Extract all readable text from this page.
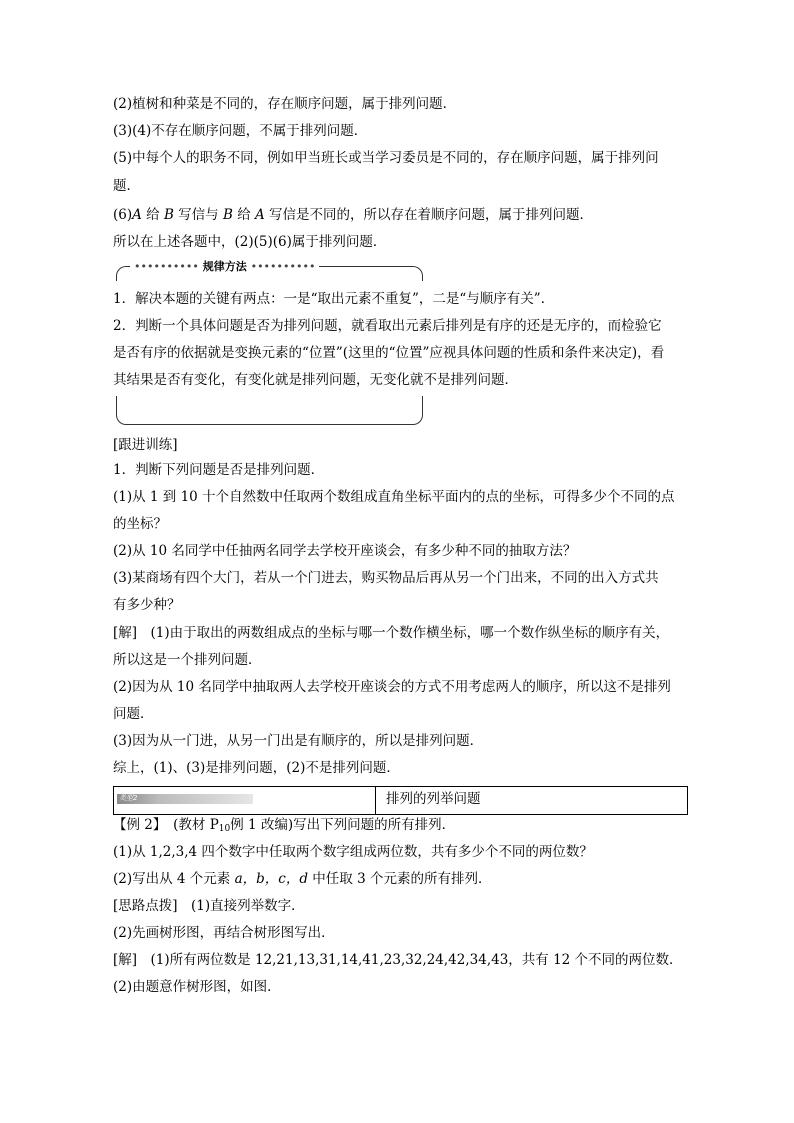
(2)植树和种菜是不同的，存在顺序问题，属于排列问题．
(3)(4)不存在顺序问题，不属于排列问题．
(5)中每个人的职务不同，例如甲当班长或当学习委员是不同的，存在顺序问题，属于排列问
题．
(6)A 给 B 写信与 B 给 A 写信是不同的，所以存在着顺序问题，属于排列问题．
所以在上述各题中，(2)(5)(6)属于排列问题．
•••••••••• 规律方法 ••••••••••
1．解决本题的关键有两点：一是“取出元素不重复”，二是“与顺序有关”．
2．判断一个具体问题是否为排列问题，就看取出元素后排列是有序的还是无序的，而检验它
是否有序的依据就是变换元素的“位置”(这里的“位置”应视具体问题的性质和条件来决定)，看
其结果是否有变化，有变化就是排列问题，无变化就不是排列问题．
[跟进训练]
1．判断下列问题是否是排列问题．
(1)从 1 到 10 十个自然数中任取两个数组成直角坐标平面内的点的坐标，可得多少个不同的点
的坐标？
(2)从 10 名同学中任抽两名同学去学校开座谈会，有多少种不同的抽取方法？
(3)某商场有四个大门，若从一个门进去，购买物品后再从另一个门出来，不同的出入方式共
有多少种？
[解]　(1)由于取出的两数组成点的坐标与哪一个数作横坐标，哪一个数作纵坐标的顺序有关，
所以这是一个排列问题．
(2)因为从 10 名同学中抽取两人去学校开座谈会的方式不用考虑两人的顺序，所以这不是排列
问题．
(3)因为从一门进，从另一门出是有顺序的，所以是排列问题．
综上，(1)、(3)是排列问题，(2)不是排列问题．
类型2	排列的列举问题
【例 2】　(教材 $P_{10}$例 1 改编)写出下列问题的所有排列．
(1)从 1,2,3,4 四个数字中任取两个数字组成两位数，共有多少个不同的两位数？
(2)写出从 4 个元素 a，b，c，d 中任取 3 个元素的所有排列．
[思路点拨]　(1)直接列举数字．
(2)先画树形图，再结合树形图写出．
[解]　(1)所有两位数是 12,21,13,31,14,41,23,32,24,42,34,43，共有 12 个不同的两位数．
(2)由题意作树形图，如图．
